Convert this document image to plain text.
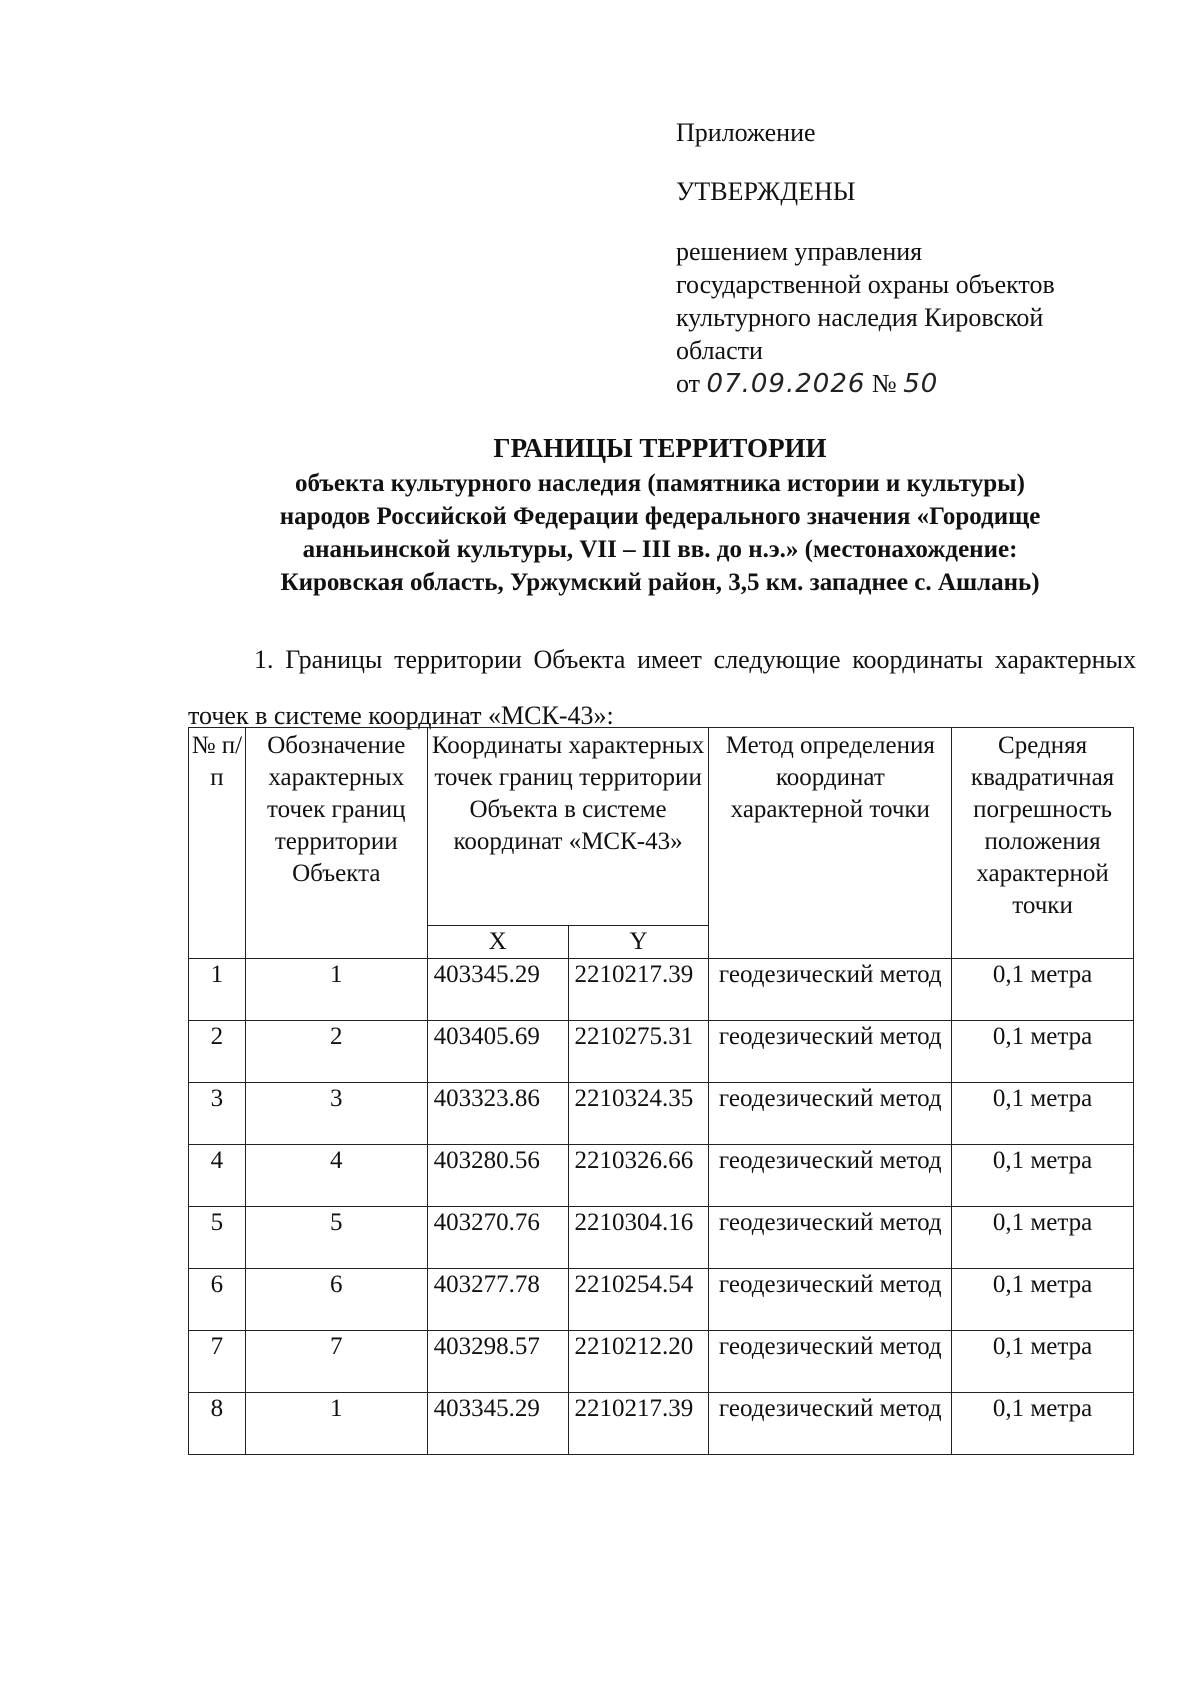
Приложение
УТВЕРЖДЕНЫ
решением управления
государственной охраны объектов
культурного наследия Кировской
области
от 07.09.2026 № 50
ГРАНИЦЫ ТЕРРИТОРИИ
объекта культурного наследия (памятника истории и культуры)
народов Российской Федерации федерального значения «Городище
ананьинской культуры, VII – III вв. до н.э.» (местонахождение:
Кировская область, Уржумский район, 3,5 км. западнее с. Ашлань)
1. Границы территории Объекта имеет следующие координаты характерных точек в системе координат «МСК-43»:
№ п/п	Обозначение характерных точек границ территории Объекта	Координаты характерных точек границ территории Объекта в системе координат «МСК-43»		Метод определения координат характерной точки	Средняя квадратичная погрешность положения характерной точки
		X	Y		
1	1	403345.29	2210217.39	геодезический метод	0,1 метра
2	2	403405.69	2210275.31	геодезический метод	0,1 метра
3	3	403323.86	2210324.35	геодезический метод	0,1 метра
4	4	403280.56	2210326.66	геодезический метод	0,1 метра
5	5	403270.76	2210304.16	геодезический метод	0,1 метра
6	6	403277.78	2210254.54	геодезический метод	0,1 метра
7	7	403298.57	2210212.20	геодезический метод	0,1 метра
8	1	403345.29	2210217.39	геодезический метод	0,1 метра
